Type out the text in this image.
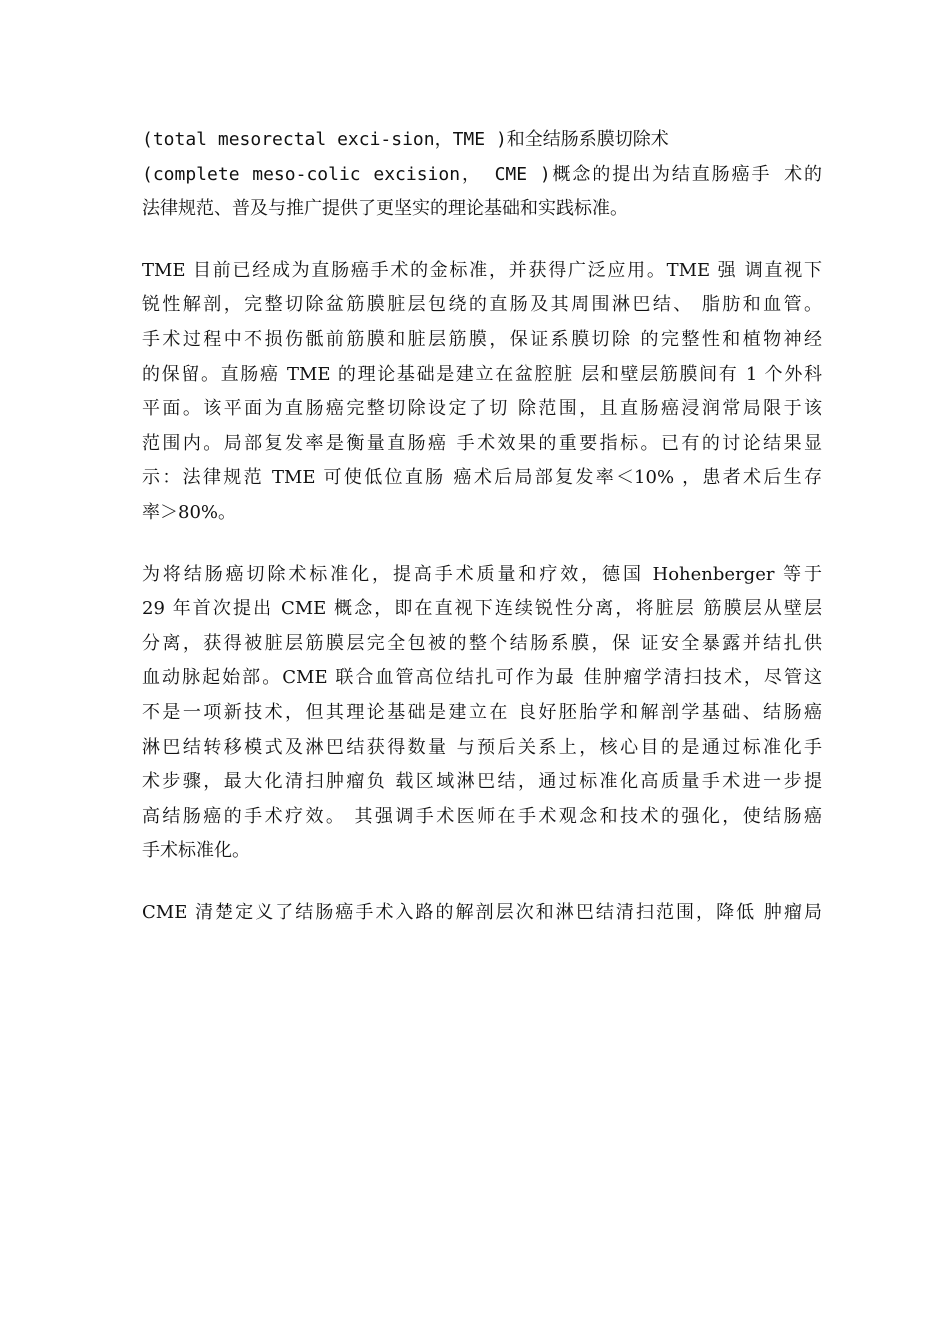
(total mesorectal exci-sion，TME )和全结肠系膜切除术
(complete meso-colic excision， CME )概念的提出为结直肠癌手 术的
法律规范、普及与推广提供了更坚实的理论基础和实践标准。
TME 目前已经成为直肠癌手术的金标准，并获得广泛应用。TME 强 调直视下
锐性解剖，完整切除盆筋膜脏层包绕的直肠及其周围淋巴结、 脂肪和血管。
手术过程中不损伤骶前筋膜和脏层筋膜，保证系膜切除 的完整性和植物神经
的保留。直肠癌 TME 的理论基础是建立在盆腔脏 层和壁层筋膜间有 1 个外科
平面。该平面为直肠癌完整切除设定了切 除范围，且直肠癌浸润常局限于该
范围内。局部复发率是衡量直肠癌 手术效果的重要指标。已有的讨论结果显
示：法律规范 TME 可使低位直肠 癌术后局部复发率＜10% ，患者术后生存
率＞80%。
为将结肠癌切除术标准化，提高手术质量和疗效，德国 Hohenberger 等于
29 年首次提出 CME 概念，即在直视下连续锐性分离，将脏层 筋膜层从壁层
分离，获得被脏层筋膜层完全包被的整个结肠系膜，保 证安全暴露并结扎供
血动脉起始部。CME 联合血管高位结扎可作为最 佳肿瘤学清扫技术，尽管这
不是一项新技术，但其理论基础是建立在 良好胚胎学和解剖学基础、结肠癌
淋巴结转移模式及淋巴结获得数量 与预后关系上，核心目的是通过标准化手
术步骤，最大化清扫肿瘤负 载区域淋巴结，通过标准化高质量手术进一步提
高结肠癌的手术疗效。 其强调手术医师在手术观念和技术的强化，使结肠癌
手术标准化。
CME 清楚定义了结肠癌手术入路的解剖层次和淋巴结清扫范围，降低 肿瘤局
